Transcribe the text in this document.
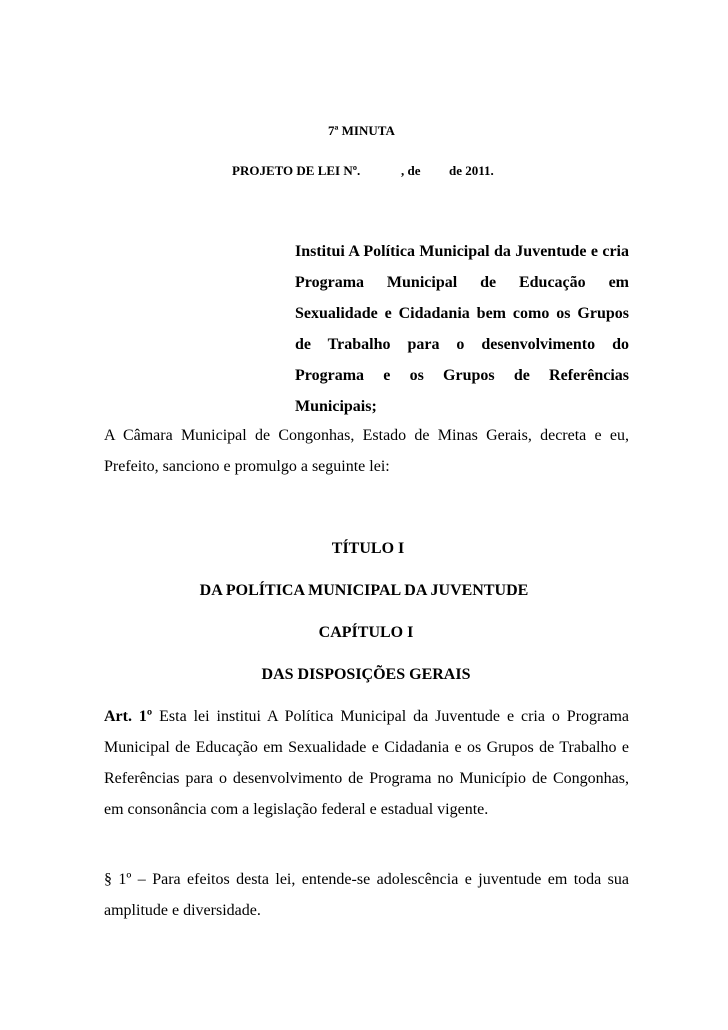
7ª MINUTA
PROJETO DE LEI Nº.	, de de 2011.
Institui A Política Municipal da Juventude e cria Programa Municipal de Educação em Sexualidade e Cidadania bem como os Grupos de Trabalho para o desenvolvimento do Programa e os Grupos de Referências Municipais;
A Câmara Municipal de Congonhas, Estado de Minas Gerais, decreta e eu, Prefeito, sanciono e promulgo a seguinte lei:
TÍTULO I
DA POLÍTICA MUNICIPAL DA JUVENTUDE
CAPÍTULO I
DAS DISPOSIÇÕES GERAIS
Art. 1º Esta lei institui A Política Municipal da Juventude e cria o Programa Municipal de Educação em Sexualidade e Cidadania e os Grupos de Trabalho e Referências para o desenvolvimento de Programa no Município de Congonhas, em consonância com a legislação federal e estadual vigente.
§ 1º – Para efeitos desta lei, entende-se adolescência e juventude em toda sua amplitude e diversidade.
